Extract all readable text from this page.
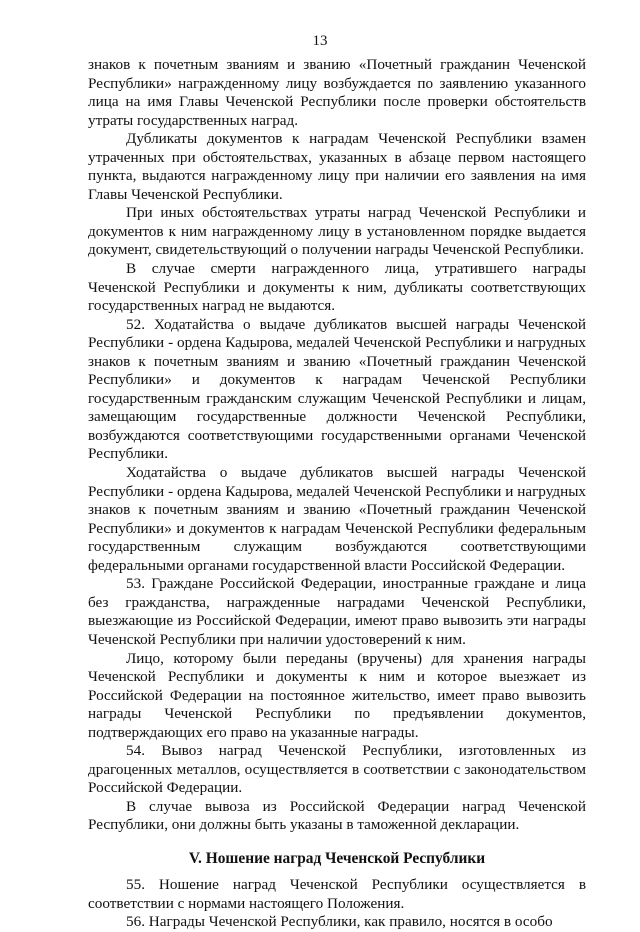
13

знаков к почетным званиям и званию «Почетный гражданин Чеченской Республики» награжденному лицу возбуждается по заявлению указанного лица на имя Главы Чеченской Республики после проверки обстоятельств утраты государственных наград.

Дубликаты документов к наградам Чеченской Республики взамен утраченных при обстоятельствах, указанных в абзаце первом настоящего пункта, выдаются награжденному лицу при наличии его заявления на имя Главы Чеченской Республики.

При иных обстоятельствах утраты наград Чеченской Республики и документов к ним награжденному лицу в установленном порядке выдается документ, свидетельствующий о получении награды Чеченской Республики.

В случае смерти награжденного лица, утратившего награды Чеченской Республики и документы к ним, дубликаты соответствующих государственных наград не выдаются.

52. Ходатайства о выдаче дубликатов высшей награды Чеченской Республики - ордена Кадырова, медалей Чеченской Республики и нагрудных знаков к почетным званиям и званию «Почетный гражданин Чеченской Республики» и документов к наградам Чеченской Республики государственным гражданским служащим Чеченской Республики и лицам, замещающим государственные должности Чеченской Республики, возбуждаются соответствующими государственными органами Чеченской Республики.

Ходатайства о выдаче дубликатов высшей награды Чеченской Республики - ордена Кадырова, медалей Чеченской Республики и нагрудных знаков к почетным званиям и званию «Почетный гражданин Чеченской Республики» и документов к наградам Чеченской Республики федеральным государственным служащим возбуждаются соответствующими федеральными органами государственной власти Российской Федерации.

53. Граждане Российской Федерации, иностранные граждане и лица без гражданства, награжденные наградами Чеченской Республики, выезжающие из Российской Федерации, имеют право вывозить эти награды Чеченской Республики при наличии удостоверений к ним.

Лицо, которому были переданы (вручены) для хранения награды Чеченской Республики и документы к ним и которое выезжает из Российской Федерации на постоянное жительство, имеет право вывозить награды Чеченской Республики по предъявлении документов, подтверждающих его право на указанные награды.

54. Вывоз наград Чеченской Республики, изготовленных из драгоценных металлов, осуществляется в соответствии с законодательством Российской Федерации.

В случае вывоза из Российской Федерации наград Чеченской Республики, они должны быть указаны в таможенной декларации.

V. Ношение наград Чеченской Республики

55. Ношение наград Чеченской Республики осуществляется в соответствии с нормами настоящего Положения.

56. Награды Чеченской Республики, как правило, носятся в особо
